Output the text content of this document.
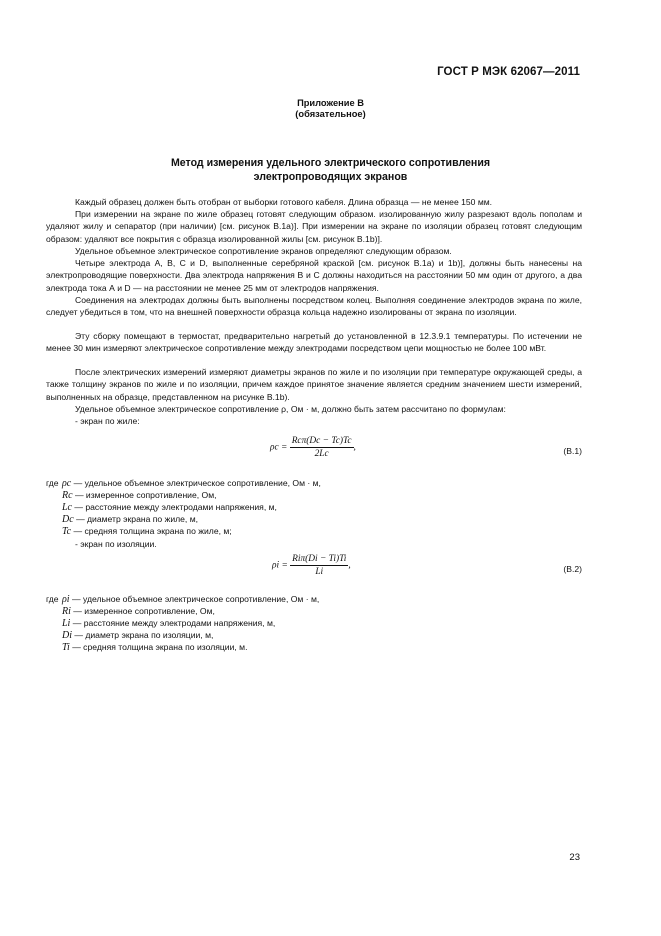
ГОСТ Р МЭК 62067—2011
Приложение В
(обязательное)
Метод измерения удельного электрического сопротивления
электропроводящих экранов

Каждый образец должен быть отобран от выборки готового кабеля. Длина образца — не менее 150 мм.

При измерении на экране по жиле образец готовят следующим образом. изолированную жилу разрезают вдоль пополам и удаляют жилу и сепаратор (при наличии) [см. рисунок В.1а)]. При измерении на экране по изоляции образец готовят следующим образом: удаляют все покрытия с образца изолированной жилы [см. рисунок В.1b)].

Удельное объемное электрическое сопротивление экранов определяют следующим образом.

Четыре электрода А, В, С и D, выполненные серебряной краской [см. рисунок В.1а) и 1b)], должны быть нанесены на электропроводящие поверхности. Два электрода напряжения В и С должны находиться на расстоянии 50 мм один от другого, а два электрода тока А и D — на расстоянии не менее 25 мм от электродов напряжения.

Соединения на электродах должны быть выполнены посредством колец. Выполняя соединение электродов экрана по жиле, следует убедиться в том, что на внешней поверхности образца кольца надежно изолированы от экрана по изоляции.

Эту сборку помещают в термостат, предварительно нагретый до установленной в 12.3.9.1 температуры. По истечении не менее 30 мин измеряют электрическое сопротивление между электродами посредством цепи мощностью не более 100 мВт.

После электрических измерений измеряют диаметры экранов по жиле и по изоляции при температуре окружающей среды, а также толщину экранов по жиле и по изоляции, причем каждое принятое значение является средним значением шести измерений, выполненных на образце, представленном на рисунке В.1b).

Удельное объемное электрическое сопротивление ρ, Ом · м, должно быть затем рассчитано по формулам:

- экран по жиле:
$\rho c = \frac{\text{Rcπ(Dc − Tc)Tc}}{2Lc}$ ,	(В.1)
где ρc — удельное объемное электрическое сопротивление, Ом · м,
Rc — измеренное сопротивление, Ом,
Lc — расстояние между электродами напряжения, м,
Dc — диаметр экрана по жиле, м,
Tc — средняя толщина экрана по жиле, м;
- экран по изоляции.
$\rho i = \frac{\text{Riπ(Di − Ti)Ti}}{Li}$ ,	(В.2)
где ρi — удельное объемное электрическое сопротивление, Ом · м,
Ri — измеренное сопротивление, Ом,
Li — расстояние между электродами напряжения, м,
Di — диаметр экрана по изоляции, м,
Ti — средняя толщина экрана по изоляции, м.
23
